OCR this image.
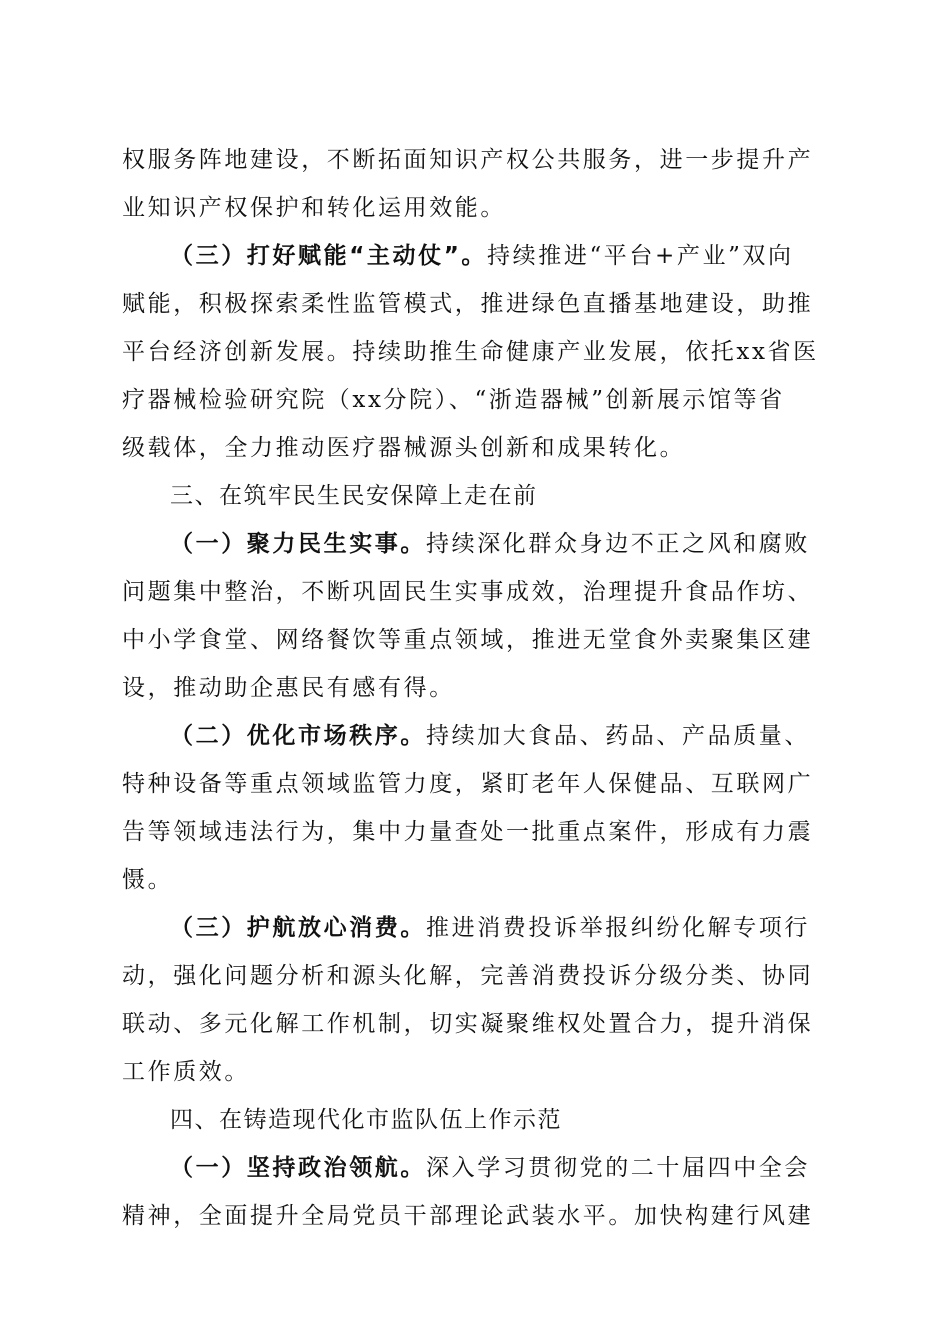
权服务阵地建设，不断拓面知识产权公共服务，进一步提升产
业知识产权保护和转化运用效能。
（三）打好赋能“主动仗”。持续推进“平台+产业”双向
赋能，积极探索柔性监管模式，推进绿色直播基地建设，助推
平台经济创新发展。持续助推生命健康产业发展，依托xx省医
疗器械检验研究院（xx分院）、“浙造器械”创新展示馆等省
级载体，全力推动医疗器械源头创新和成果转化。
三、在筑牢民生民安保障上走在前
（一）聚力民生实事。持续深化群众身边不正之风和腐败
问题集中整治，不断巩固民生实事成效，治理提升食品作坊、
中小学食堂、网络餐饮等重点领域，推进无堂食外卖聚集区建
设，推动助企惠民有感有得。
（二）优化市场秩序。持续加大食品、药品、产品质量、
特种设备等重点领域监管力度，紧盯老年人保健品、互联网广
告等领域违法行为，集中力量查处一批重点案件，形成有力震
慑。
（三）护航放心消费。推进消费投诉举报纠纷化解专项行
动，强化问题分析和源头化解，完善消费投诉分级分类、协同
联动、多元化解工作机制，切实凝聚维权处置合力，提升消保
工作质效。
四、在铸造现代化市监队伍上作示范
（一）坚持政治领航。深入学习贯彻党的二十届四中全会
精神，全面提升全局党员干部理论武装水平。加快构建行风建
